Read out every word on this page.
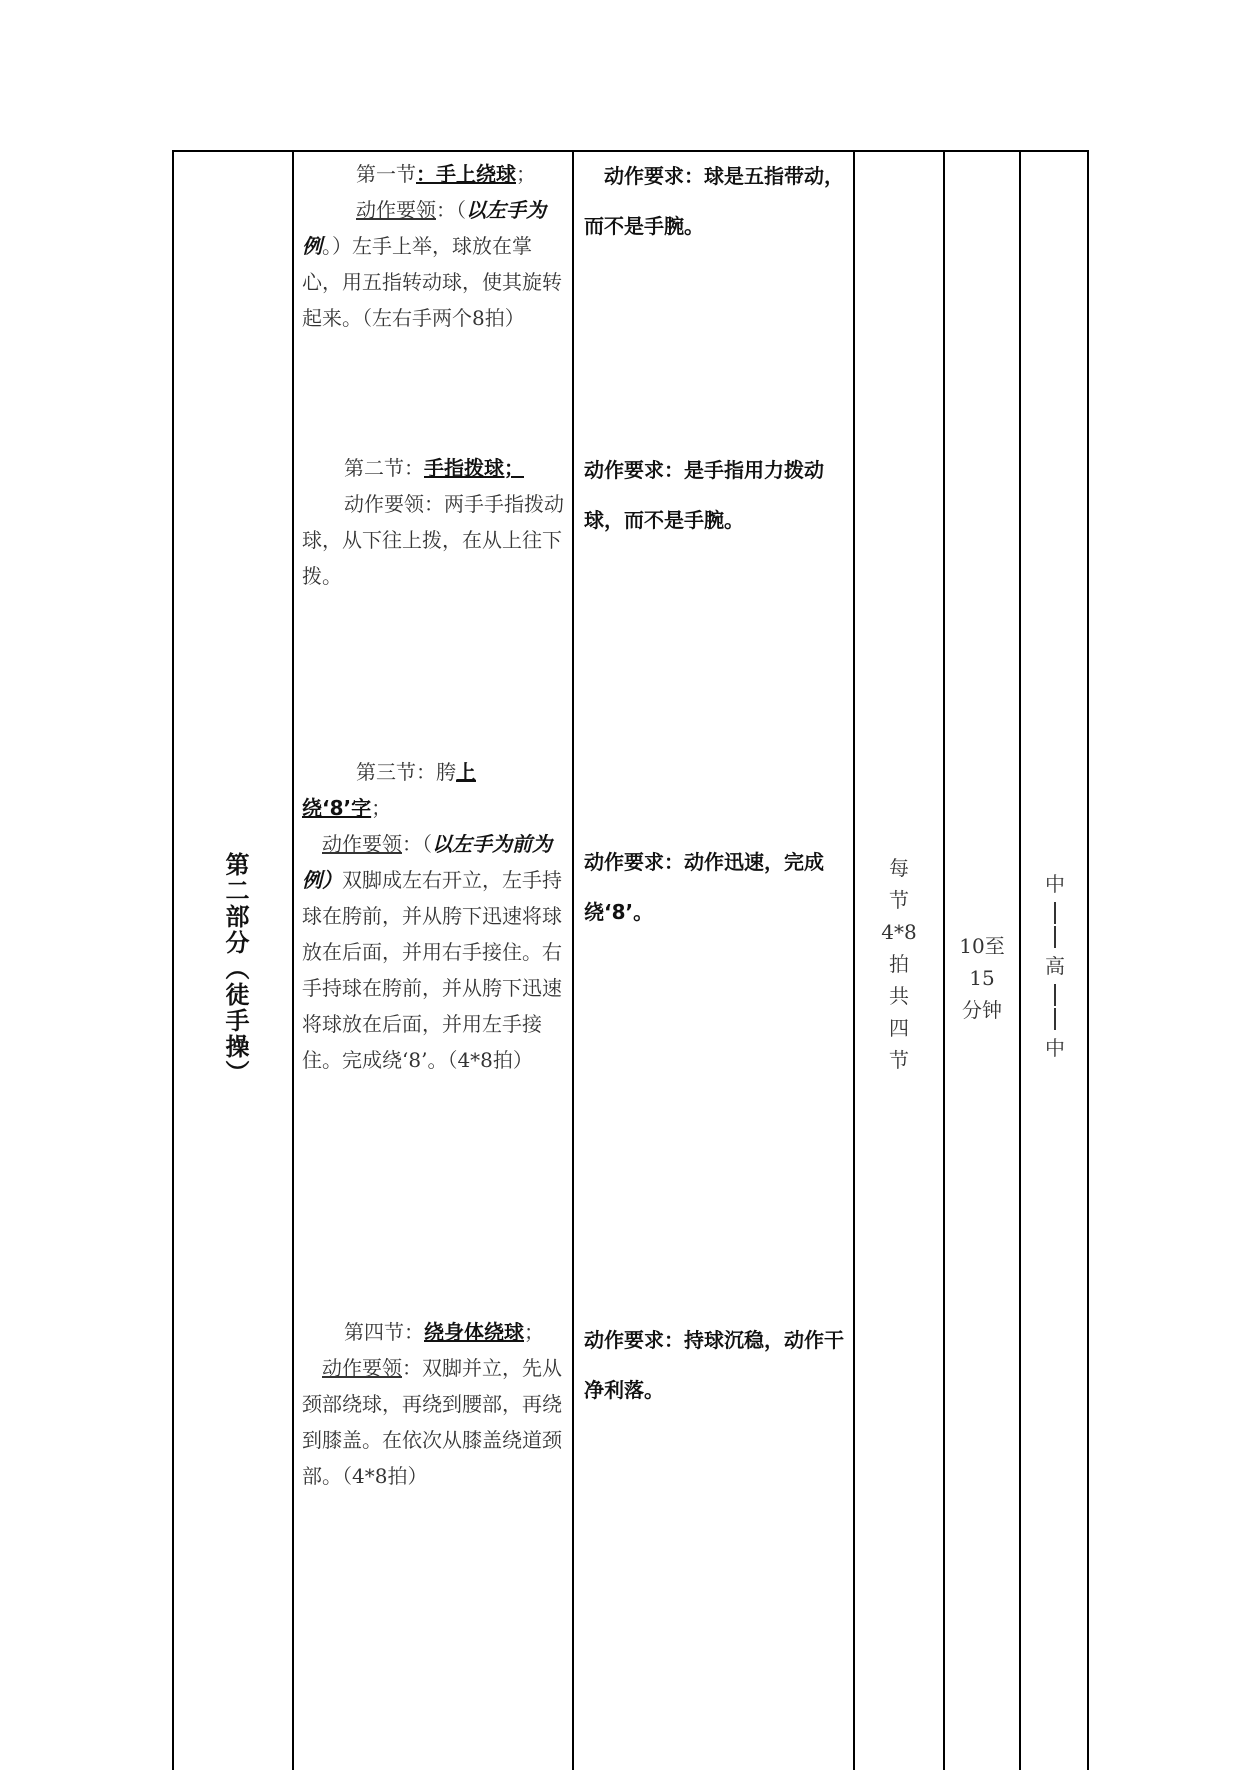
第二部分（徒手操）
第一节：手上绕球；
动作要领：（以左手为例。）左手上举，球放在掌心，用五指转动球，使其旋转起来。（左右手两个8拍）
动作要求：球是五指带动，而不是手腕。
第二节：手指拨球；
动作要领：两手手指拨动球，从下往上拨，在从上往下拨。
动作要求：是手指用力拨动球，而不是手腕。
第三节：胯上绕‘8’字；
动作要领：（以左手为前为例）双脚成左右开立，左手持球在胯前，并从胯下迅速将球放在后面，并用右手接住。右手持球在胯前，并从胯下迅速将球放在后面，并用左手接住。完成绕‘8’。（4*8拍）
动作要求：动作迅速，完成绕‘8’。
第四节：绕身体绕球；
动作要领：双脚并立，先从颈部绕球，再绕到腰部，再绕到膝盖。在依次从膝盖绕道颈部。（4*8拍）
动作要求：持球沉稳，动作干净利落。
每
节
4*8
拍
共
四
节
10至
15
分钟
中
高
中
